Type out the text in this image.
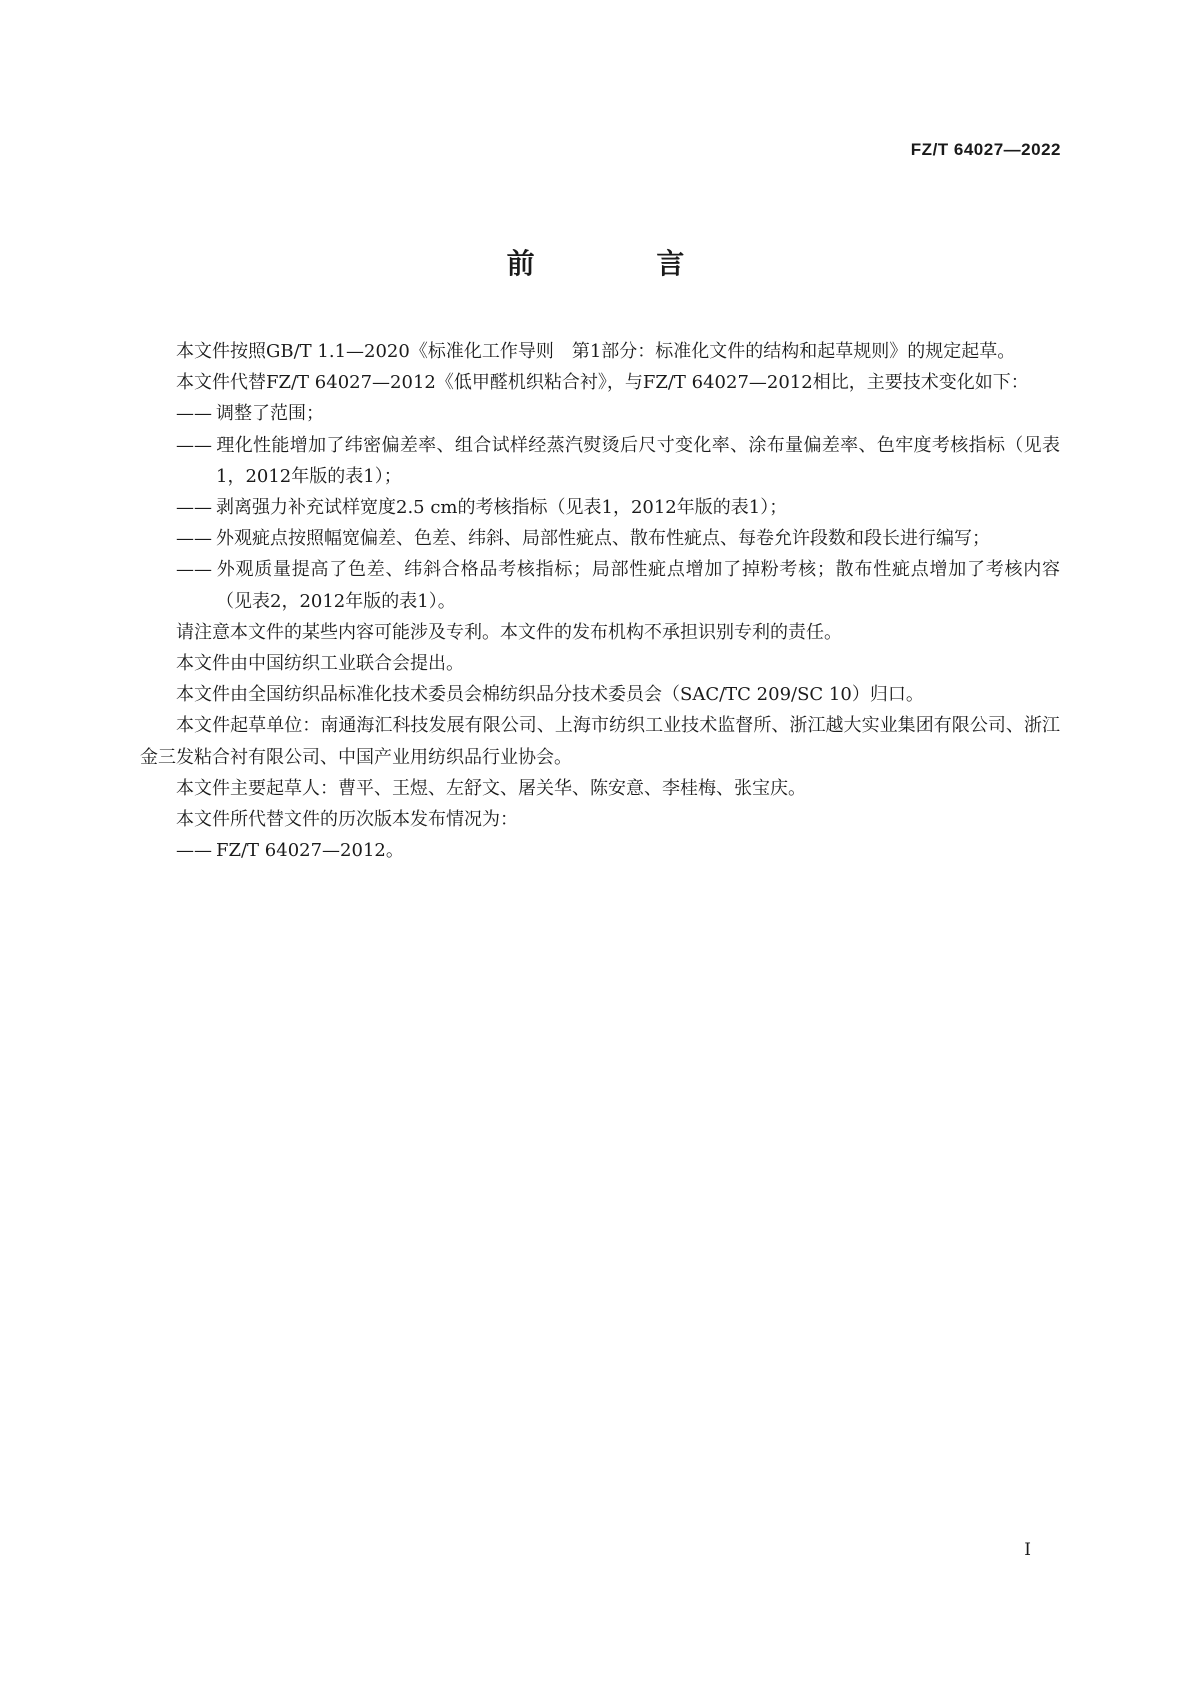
FZ/T 64027—2022
前 言

本文件按照GB/T 1.1—2020《标准化工作导则　第1部分：标准化文件的结构和起草规则》的规定起草。

本文件代替FZ/T 64027—2012《低甲醛机织粘合衬》，与FZ/T 64027—2012相比，主要技术变化如下：

—— 调整了范围；

—— 理化性能增加了纬密偏差率、组合试样经蒸汽熨烫后尺寸变化率、涂布量偏差率、色牢度考核指标（见表1，2012年版的表1）；

—— 剥离强力补充试样宽度2.5 cm的考核指标（见表1，2012年版的表1）；

—— 外观疵点按照幅宽偏差、色差、纬斜、局部性疵点、散布性疵点、每卷允许段数和段长进行编写；

—— 外观质量提高了色差、纬斜合格品考核指标；局部性疵点增加了掉粉考核；散布性疵点增加了考核内容（见表2，2012年版的表1）。

请注意本文件的某些内容可能涉及专利。本文件的发布机构不承担识别专利的责任。

本文件由中国纺织工业联合会提出。

本文件由全国纺织品标准化技术委员会棉纺织品分技术委员会（SAC/TC 209/SC 10）归口。

本文件起草单位：南通海汇科技发展有限公司、上海市纺织工业技术监督所、浙江越大实业集团有限公司、浙江金三发粘合衬有限公司、中国产业用纺织品行业协会。

本文件主要起草人：曹平、王煜、左舒文、屠关华、陈安意、李桂梅、张宝庆。

本文件所代替文件的历次版本发布情况为：

—— FZ/T 64027—2012。

I
